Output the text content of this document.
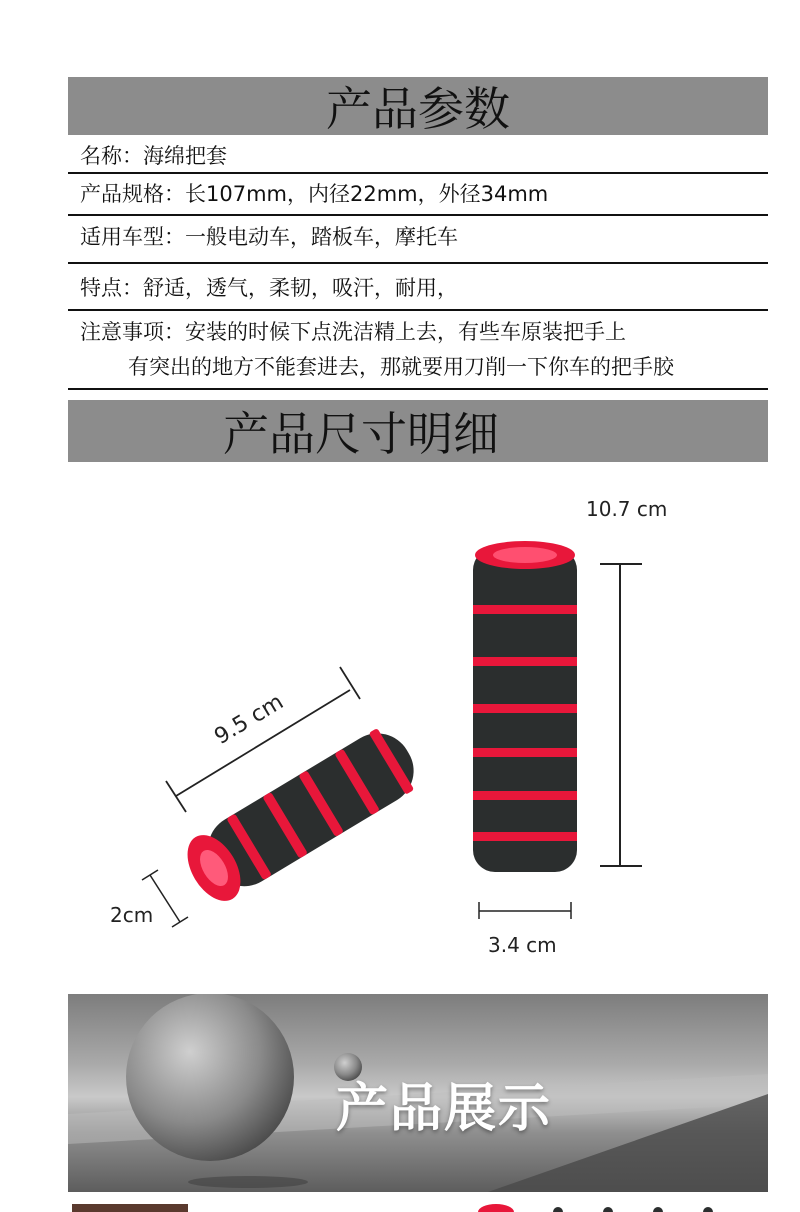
产品参数
名称：海绵把套
产品规格：长107mm，内径22mm，外径34mm
适用车型：一般电动车，踏板车，摩托车
特点：舒适，透气，柔韧，吸汗，耐用，
注意事项：安装的时候下点洗洁精上去，有些车原装把手上
有突出的地方不能套进去，那就要用刀削一下你车的把手胶
产品尺寸明细
9.5 cm
2cm
10.7 cm
3.4 cm
产品展示
